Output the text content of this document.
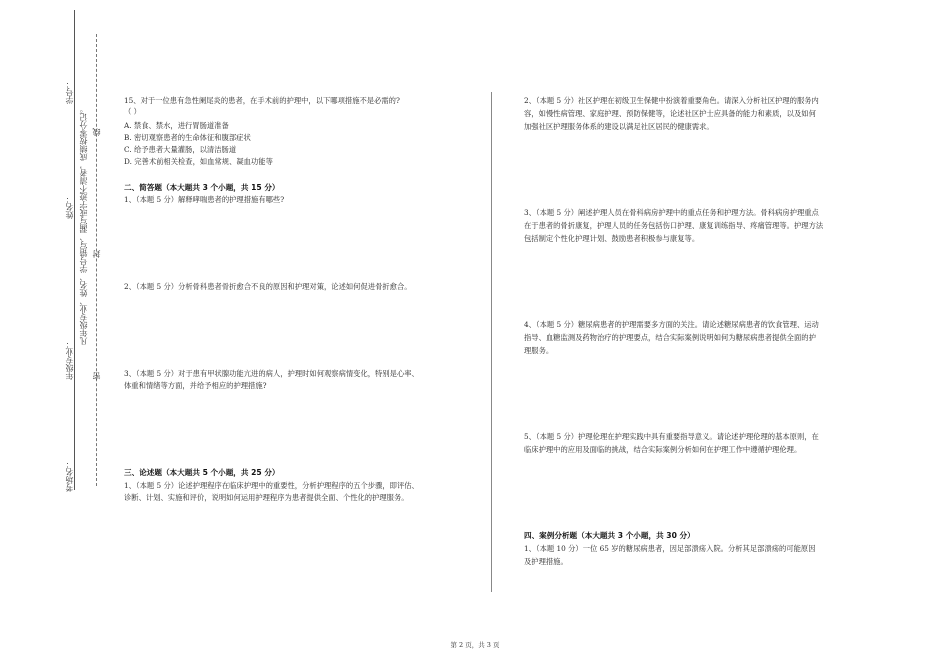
学号：
姓名：
年级专业：
考场名：
凡年级专业、姓名、学号错写、漏写或字迹不清者，成绩按零分记。
密
封
线
15、对于一位患有急性阑尾炎的患者，在手术前的护理中，以下哪项措施不是必需的?
（ ）
A. 禁食、禁水，进行胃肠道准备
B. 密切观察患者的生命体征和腹部症状
C. 给予患者大量灌肠，以清洁肠道
D. 完善术前相关检查，如血常规、凝血功能等
二、简答题（本大题共 3 个小题，共 15 分）
1、（本题 5 分）解释哮喘患者的护理措施有哪些?
2、（本题 5 分）分析骨科患者骨折愈合不良的原因和护理对策，论述如何促进骨折愈合。
3、（本题 5 分）对于患有甲状腺功能亢进的病人，护理时如何观察病情变化，特别是心率、
体重和情绪等方面，并给予相应的护理措施?
三、论述题（本大题共 5 个小题，共 25 分）
1、（本题 5 分）论述护理程序在临床护理中的重要性，分析护理程序的五个步骤，即评估、
诊断、计划、实施和评价，说明如何运用护理程序为患者提供全面、个性化的护理服务。
2、（本题 5 分）社区护理在初级卫生保健中扮演着重要角色。请深入分析社区护理的服务内
容，如慢性病管理、家庭护理、预防保健等，论述社区护士应具备的能力和素质，以及如何
加强社区护理服务体系的建设以满足社区居民的健康需求。
3、（本题 5 分）阐述护理人员在骨科病房护理中的重点任务和护理方法。骨科病房护理重点
在于患者的骨折康复，护理人员的任务包括伤口护理、康复训练指导、疼痛管理等。护理方法
包括制定个性化护理计划、鼓励患者积极参与康复等。
4、（本题 5 分）糖尿病患者的护理需要多方面的关注。请论述糖尿病患者的饮食管理、运动
指导、血糖监测及药物治疗的护理要点，结合实际案例说明如何为糖尿病患者提供全面的护
理服务。
5、（本题 5 分）护理伦理在护理实践中具有重要指导意义。请论述护理伦理的基本原则，在
临床护理中的应用及面临的挑战，结合实际案例分析如何在护理工作中遵循护理伦理。
四、案例分析题（本大题共 3 个小题，共 30 分）
1、（本题 10 分）一位 65 岁的糖尿病患者，因足部溃疡入院。分析其足部溃疡的可能原因
及护理措施。
第 2 页，共 3 页
